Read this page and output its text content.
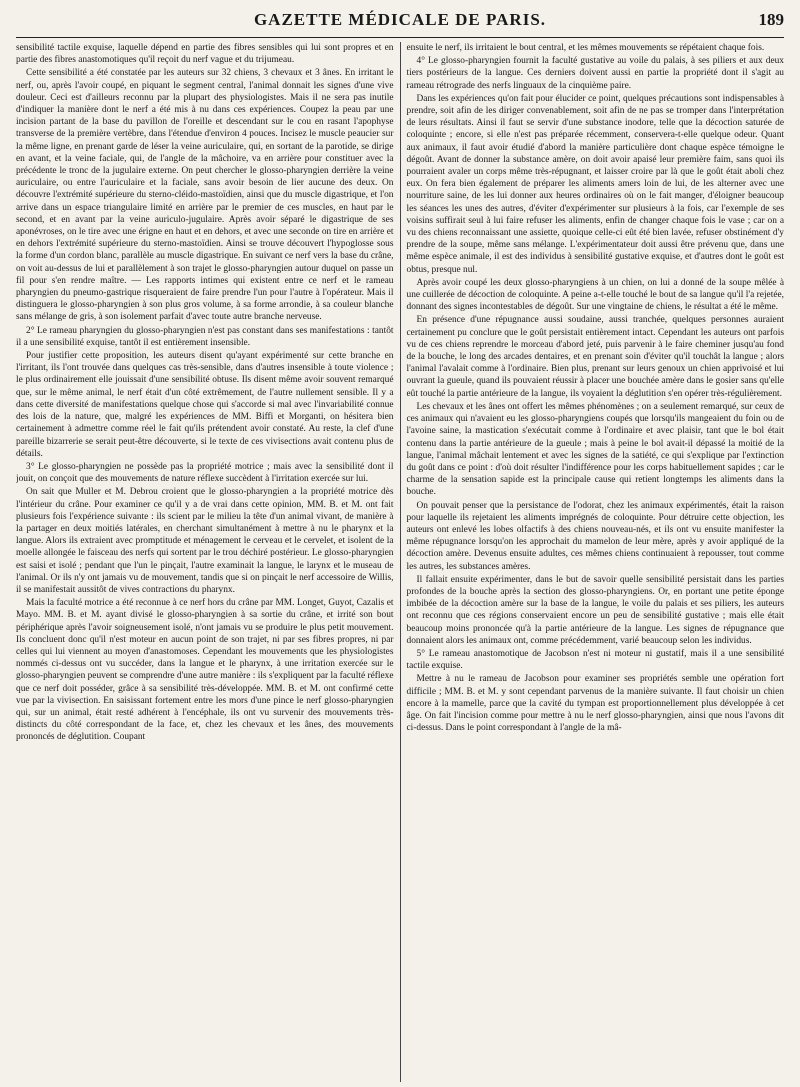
GAZETTE MÉDICALE DE PARIS.	189

sensibilité tactile exquise, laquelle dépend en partie des fibres sensibles qui lui sont propres et en partie des fibres anastomotiques qu'il reçoit du nerf vague et du trijumeau.

Cette sensibilité a été constatée par les auteurs sur 32 chiens, 3 chevaux et 3 ânes. En irritant le nerf, ou, après l'avoir coupé, en piquant le segment central, l'animal donnait les signes d'une vive douleur. Ceci est d'ailleurs reconnu par la plupart des physiologistes. Mais il ne sera pas inutile d'indiquer la manière dont le nerf a été mis à nu dans ces expériences. Coupez la peau par une incision partant de la base du pavillon de l'oreille et descendant sur le cou en rasant l'apophyse transverse de la première vertèbre, dans l'étendue d'environ 4 pouces. Incisez le muscle peaucier sur la même ligne, en prenant garde de léser la veine auriculaire, qui, en sortant de la parotide, se dirige en avant, et la veine faciale, qui, de l'angle de la mâchoire, va en arrière pour constituer avec la précédente le tronc de la jugulaire externe. On peut chercher le glosso-pharyngien derrière la veine auriculaire, ou entre l'auriculaire et la faciale, sans avoir besoin de lier aucune des deux. On découvre l'extrémité supérieure du sterno-cléido-mastoïdien, ainsi que du muscle digastrique, et l'on arrive dans un espace triangulaire limité en arrière par le premier de ces muscles, en haut par le second, et en avant par la veine auriculo-jugulaire. Après avoir séparé le digastrique de ses aponévroses, on le tire avec une érigne en haut et en dehors, et avec une seconde on tire en arrière et en dehors l'extrémité supérieure du sterno-mastoïdien. Ainsi se trouve découvert l'hypoglosse sous la forme d'un cordon blanc, parallèle au muscle digastrique. En suivant ce nerf vers la base du crâne, on voit au-dessus de lui et parallèlement à son trajet le glosso-pharyngien autour duquel on passe un fil pour s'en rendre maître. — Les rapports intimes qui existent entre ce nerf et le rameau pharyngien du pneumo-gastrique risqueraient de faire prendre l'un pour l'autre à l'opérateur. Mais il distinguera le glosso-pharyngien à son plus gros volume, à sa forme arrondie, à sa couleur blanche sans mélange de gris, à son isolement parfait d'avec toute autre branche nerveuse.

2° Le rameau pharyngien du glosso-pharyngien n'est pas constant dans ses manifestations : tantôt il a une sensibilité exquise, tantôt il est entièrement insensible.

Pour justifier cette proposition, les auteurs disent qu'ayant expérimenté sur cette branche en l'irritant, ils l'ont trouvée dans quelques cas très-sensible, dans d'autres insensible à toute violence ; le plus ordinairement elle jouissait d'une sensibilité obtuse. Ils disent même avoir souvent remarqué que, sur le même animal, le nerf était d'un côté extrêmement, de l'autre nullement sensible. Il y a dans cette diversité de manifestations quelque chose qui s'accorde si mal avec l'invariabilité connue des lois de la nature, que, malgré les expériences de MM. Biffi et Morganti, on hésitera bien certainement à admettre comme réel le fait qu'ils prétendent avoir constaté. Au reste, la clef d'une pareille bizarrerie se serait peut-être découverte, si le texte de ces vivisections avait contenu plus de détails.

3° Le glosso-pharyngien ne possède pas la propriété motrice ; mais avec la sensibilité dont il jouit, on conçoit que des mouvements de nature réflexe succèdent à l'irritation exercée sur lui.

On sait que Muller et M. Debrou croient que le glosso-pharyngien a la propriété motrice dès l'intérieur du crâne. Pour examiner ce qu'il y a de vrai dans cette opinion, MM. B. et M. ont fait plusieurs fois l'expérience suivante : ils scient par le milieu la tête d'un animal vivant, de manière à la partager en deux moitiés latérales, en cherchant simultanément à mettre à nu le pharynx et la langue. Alors ils extraient avec promptitude et ménagement le cerveau et le cervelet, et isolent de la moelle allongée le faisceau des nerfs qui sortent par le trou déchiré postérieur. Le glosso-pharyngien est saisi et isolé ; pendant que l'un le pinçait, l'autre examinait la langue, le larynx et le museau de l'animal. Or ils n'y ont jamais vu de mouvement, tandis que si on pinçait le nerf accessoire de Willis, il se manifestait aussitôt de vives contractions du pharynx.

Mais la faculté motrice a été reconnue à ce nerf hors du crâne par MM. Longet, Guyot, Cazalis et Mayo. MM. B. et M. ayant divisé le glosso-pharyngien à sa sortie du crâne, et irrité son bout périphérique après l'avoir soigneusement isolé, n'ont jamais vu se produire le plus petit mouvement. Ils concluent donc qu'il n'est moteur en aucun point de son trajet, ni par ses fibres propres, ni par celles qui lui viennent au moyen d'anastomoses. Cependant les mouvements que les physiologistes nommés ci-dessus ont vu succéder, dans la langue et le pharynx, à une irritation exercée sur le glosso-pharyngien peuvent se comprendre d'une autre manière : ils s'expliquent par la faculté réflexe que ce nerf doit posséder, grâce à sa sensibilité très-développée. MM. B. et M. ont confirmé cette vue par la vivisection. En saisissant fortement entre les mors d'une pince le nerf glosso-pharyngien qui, sur un animal, était resté adhérent à l'encéphale, ils ont vu survenir des mouvements très-distincts du côté correspondant de la face, et, chez les chevaux et les ânes, des mouvements prononcés de déglutition. Coupant

ensuite le nerf, ils irritaient le bout central, et les mêmes mouvements se répétaient chaque fois.

4° Le glosso-pharyngien fournit la faculté gustative au voile du palais, à ses piliers et aux deux tiers postérieurs de la langue. Ces derniers doivent aussi en partie la propriété dont il s'agit au rameau rétrograde des nerfs linguaux de la cinquième paire.

Dans les expériences qu'on fait pour élucider ce point, quelques précautions sont indispensables à prendre, soit afin de les diriger convenablement, soit afin de ne pas se tromper dans l'interprétation de leurs résultats. Ainsi il faut se servir d'une substance inodore, telle que la décoction saturée de coloquinte ; encore, si elle n'est pas préparée récemment, conservera-t-elle quelque odeur. Quant aux animaux, il faut avoir étudié d'abord la manière particulière dont chaque espèce témoigne le dégoût. Avant de donner la substance amère, on doit avoir apaisé leur première faim, sans quoi ils pourraient avaler un corps même très-répugnant, et laisser croire par là que le goût était aboli chez eux. On fera bien également de préparer les aliments amers loin de lui, de les alterner avec une nourriture saine, de les lui donner aux heures ordinaires où on le fait manger, d'éloigner beaucoup les séances les unes des autres, d'éviter d'expérimenter sur plusieurs à la fois, car l'exemple de ses voisins suffirait seul à lui faire refuser les aliments, enfin de changer chaque fois le vase ; car on a vu des chiens reconnaissant une assiette, quoique celle-ci eût été bien lavée, refuser obstinément d'y prendre de la soupe, même sans mélange. L'expérimentateur doit aussi être prévenu que, dans une même espèce animale, il est des individus à sensibilité gustative exquise, et d'autres dont le goût est obtus, presque nul.

Après avoir coupé les deux glosso-pharyngiens à un chien, on lui a donné de la soupe mêlée à une cuillerée de décoction de coloquinte. A peine a-t-elle touché le bout de sa langue qu'il l'a rejetée, donnant des signes incontestables de dégoût. Sur une vingtaine de chiens, le résultat a été le même.

En présence d'une répugnance aussi soudaine, aussi tranchée, quelques personnes auraient certainement pu conclure que le goût persistait entièrement intact. Cependant les auteurs ont parfois vu de ces chiens reprendre le morceau d'abord jeté, puis parvenir à le faire cheminer jusqu'au fond de la bouche, le long des arcades dentaires, et en prenant soin d'éviter qu'il touchât la langue ; alors l'animal l'avalait comme à l'ordinaire. Bien plus, prenant sur leurs genoux un chien apprivoisé et lui ouvrant la gueule, quand ils pouvaient réussir à placer une bouchée amère dans le gosier sans qu'elle eût touché la partie antérieure de la langue, ils voyaient la déglutition s'en opérer très-régulièrement.

Les chevaux et les ânes ont offert les mêmes phénomènes ; on a seulement remarqué, sur ceux de ces animaux qui n'avaient eu les glosso-pharyngiens coupés que lorsqu'ils mangeaient du foin ou de l'avoine saine, la mastication s'exécutait comme à l'ordinaire et avec plaisir, tant que le bol était contenu dans la partie antérieure de la gueule ; mais à peine le bol avait-il dépassé la moitié de la langue, l'animal mâchait lentement et avec les signes de la satiété, ce qui s'explique par l'extinction du goût dans ce point : d'où doit résulter l'indifférence pour les corps habituellement sapides ; car le charme de la sensation sapide est la principale cause qui retient longtemps les aliments dans la bouche.

On pouvait penser que la persistance de l'odorat, chez les animaux expérimentés, était la raison pour laquelle ils rejetaient les aliments imprégnés de coloquinte. Pour détruire cette objection, les auteurs ont enlevé les lobes olfactifs à des chiens nouveau-nés, et ils ont vu ensuite manifester la même répugnance lorsqu'on les approchait du mamelon de leur mère, après y avoir appliqué de la décoction amère. Devenus ensuite adultes, ces mêmes chiens continuaient à repousser, tout comme les autres, les substances amères.

Il fallait ensuite expérimenter, dans le but de savoir quelle sensibilité persistait dans les parties profondes de la bouche après la section des glosso-pharyngiens. Or, en portant une petite éponge imbibée de la décoction amère sur la base de la langue, le voile du palais et ses piliers, les auteurs ont reconnu que ces régions conservaient encore un peu de sensibilité gustative ; mais elle était beaucoup moins prononcée qu'à la partie antérieure de la langue. Les signes de répugnance que donnaient alors les animaux ont, comme précédemment, varié beaucoup selon les individus.

5° Le rameau anastomotique de Jacobson n'est ni moteur ni gustatif, mais il a une sensibilité tactile exquise.

Mettre à nu le rameau de Jacobson pour examiner ses propriétés semble une opération fort difficile ; MM. B. et M. y sont cependant parvenus de la manière suivante. Il faut choisir un chien encore à la mamelle, parce que la cavité du tympan est proportionnellement plus développée à cet âge. On fait l'incision comme pour mettre à nu le nerf glosso-pharyngien, ainsi que nous l'avons dit ci-dessus. Dans le point correspondant à l'angle de la mâ-
